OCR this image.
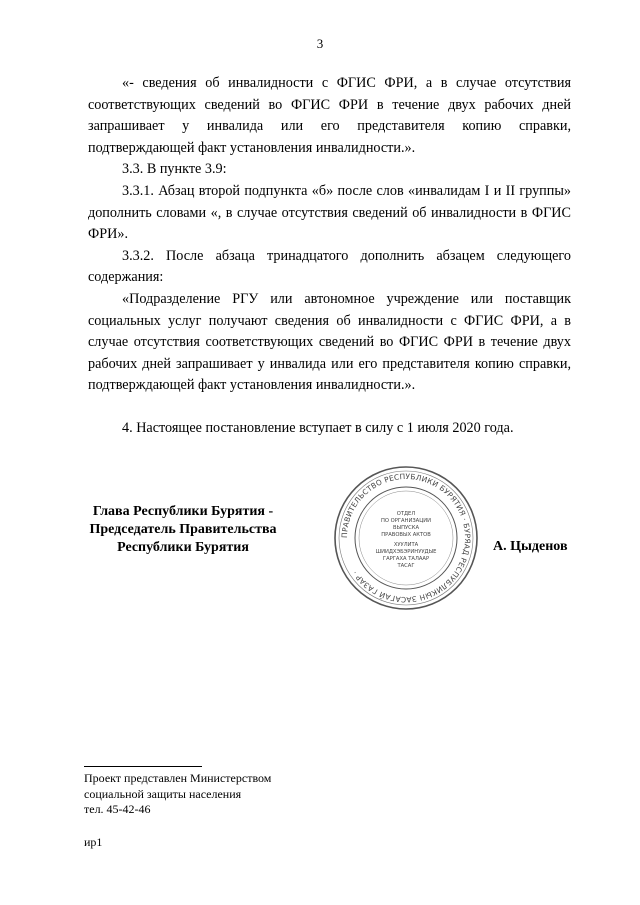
3

«- сведения об инвалидности с ФГИС ФРИ, а в случае отсутствия соответствующих сведений во ФГИС ФРИ в течение двух рабочих дней запрашивает у инвалида или его представителя копию справки, подтверждающей факт установления инвалидности.».

3.3. В пункте 3.9:

3.3.1. Абзац второй подпункта «б» после слов «инвалидам I и II группы» дополнить словами «, в случае отсутствия сведений об инвалидности в ФГИС ФРИ».

3.3.2. После абзаца тринадцатого дополнить абзацем следующего содержания:

«Подразделение РГУ или автономное учреждение или поставщик социальных услуг получают сведения об инвалидности с ФГИС ФРИ, а в случае отсутствия соответствующих сведений во ФГИС ФРИ в течение двух рабочих дней запрашивает у инвалида или его представителя копию справки, подтверждающей факт установления инвалидности.».

4. Настоящее постановление вступает в силу с 1 июля 2020 года.

Глава Республики Бурятия -
Председатель Правительства
Республики Бурятия
ПРАВИТЕЛЬСТВО РЕСПУБЛИКИ БУРЯТИЯ · БУРЯАД РЕСПУБЛИКЫН ЗАСАГАЙ ГАЗАР ·
ОТДЕЛ
ПО ОРГАНИЗАЦИИ
ВЫПУСКА
ПРАВОВЫХ АКТОВ
ХУУЛИТА
ШИИДХЭБЭРИНУУДЫЕ
ГАРГАХА ТАЛААР
ТАСАГ
А. Цыденов
Проект представлен Министерством
социальной защиты населения
тел. 45-42-46
ир1
